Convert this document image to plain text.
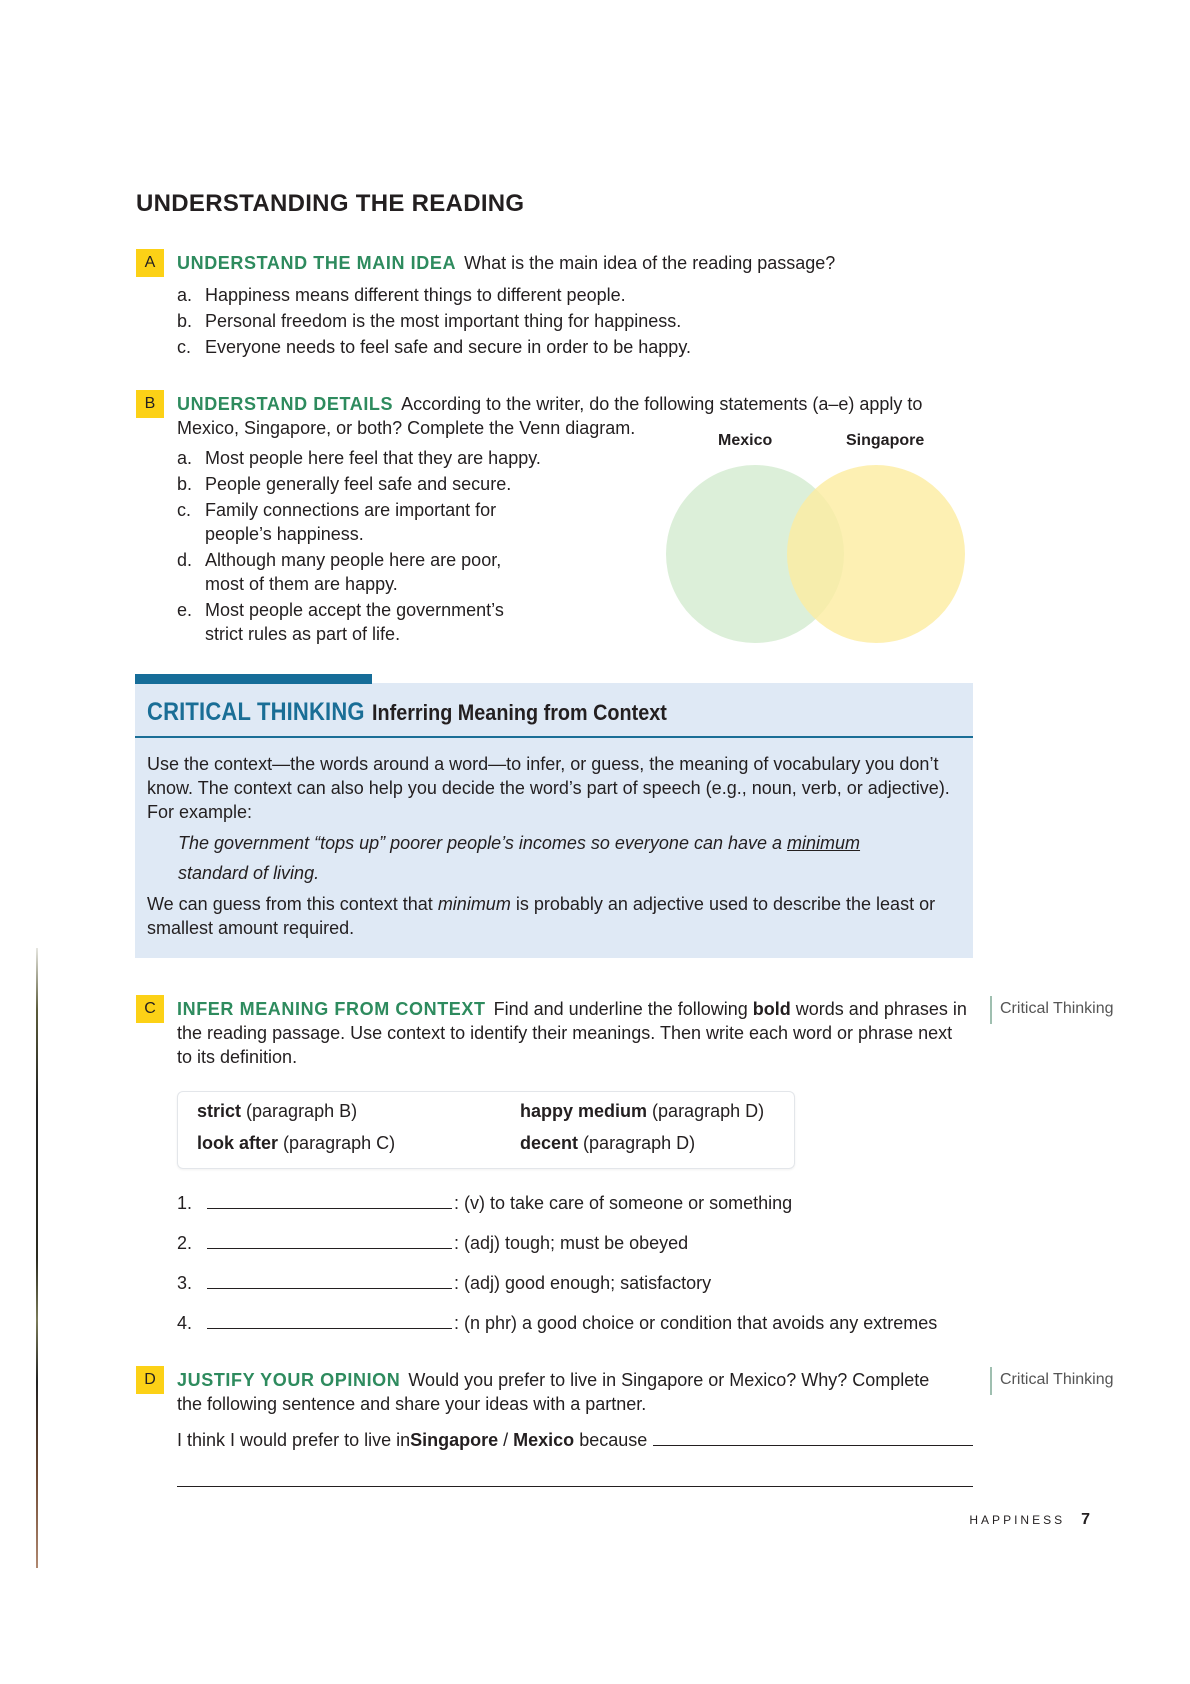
UNDERSTANDING THE READING
A	UNDERSTAND THE MAIN IDEA What is the main idea of the reading passage?
a. Happiness means different things to different people.
b. Personal freedom is the most important thing for happiness.
c. Everyone needs to feel safe and secure in order to be happy.
B	UNDERSTAND DETAILS According to the writer, do the following statements (a–e) apply to
Mexico, Singapore, or both? Complete the Venn diagram.
a. Most people here feel that they are happy.
b. People generally feel safe and secure.
c. Family connections are important for
people’s happiness.
d. Although many people here are poor,
most of them are happy.
e. Most people accept the government’s
strict rules as part of life.
Mexico	Singapore
CRITICAL THINKING Inferring Meaning from Context
Use the context—the words around a word—to infer, or guess, the meaning of vocabulary you don’t know. The context can also help you decide the word’s part of speech (e.g., noun, verb, or adjective). For example:
The government “tops up” poorer people’s incomes so everyone can have a minimum
standard of living.
We can guess from this context that minimum is probably an adjective used to describe the least or smallest amount required.
C	INFER MEANING FROM CONTEXT Find and underline the following bold words and phrases in the reading passage. Use context to identify their meanings. Then write each word or phrase next to its definition.
Critical Thinking
strict (paragraph B)	happy medium (paragraph D)
look after (paragraph C)	decent (paragraph D)
1.	: (v) to take care of someone or something
2.	: (adj) tough; must be obeyed
3.	: (adj) good enough; satisfactory
4.	: (n phr) a good choice or condition that avoids any extremes
D	JUSTIFY YOUR OPINION Would you prefer to live in Singapore or Mexico? Why? Complete
the following sentence and share your ideas with a partner.
Critical Thinking
I think I would prefer to live in Singapore / Mexico because
HAPPINESS 7
